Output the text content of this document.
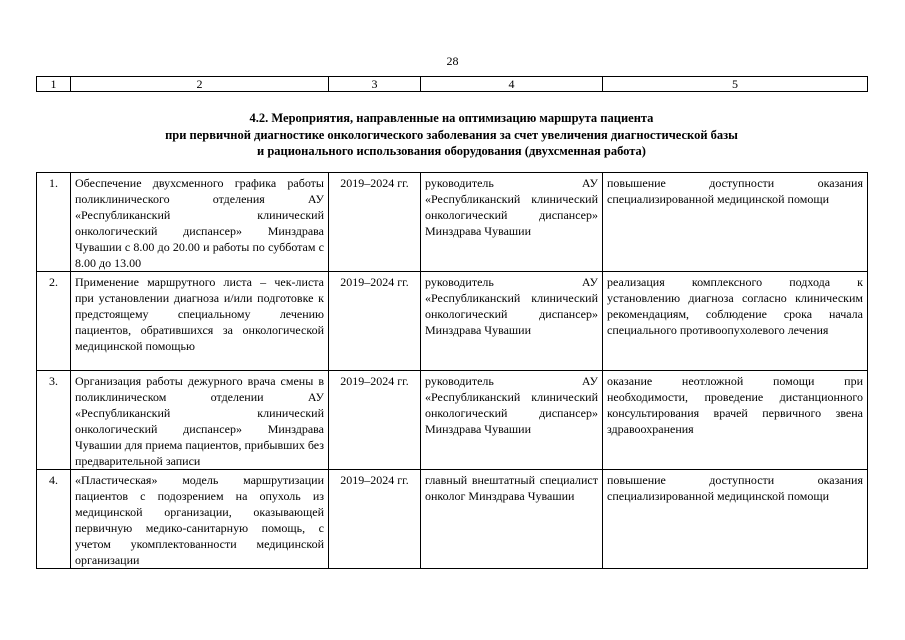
28
1	2	3	4	5
4.2. Мероприятия, направленные на оптимизацию маршрута пациента
при первичной диагностике онкологического заболевания за счет увеличения диагностической базы
и рационального использования оборудования (двухсменная работа)
1.	Обеспечение двухсменного графика работы поликлинического отделения АУ «Республиканский клинический онкологический диспансер» Минздрава Чувашии с 8.00 до 20.00 и работы по субботам с 8.00 до 13.00	2019–2024 гг.	руководитель АУ «Республиканский клинический онкологический диспансер» Минздрава Чувашии	повышение доступности оказания специализированной медицинской помощи
2.	Применение маршрутного листа – чек-листа при установлении диагноза и/или подготовке к предстоящему специальному лечению пациентов, обратившихся за онкологической медицинской помощью	2019–2024 гг.	руководитель АУ «Республиканский клинический онкологический диспансер» Минздрава Чувашии	реализация комплексного подхода к установлению диагноза согласно клиническим рекомендациям, соблюдение срока начала специального противоопухолевого лечения
3.	Организация работы дежурного врача смены в поликлиническом отделении АУ «Республиканский клинический онкологический диспансер» Минздрава Чувашии для приема пациентов, прибывших без предварительной записи	2019–2024 гг.	руководитель АУ «Республиканский клинический онкологический диспансер» Минздрава Чувашии	оказание неотложной помощи при необходимости, проведение дистанционного консультирования врачей первичного звена здравоохранения
4.	«Пластическая» модель маршрутизации пациентов с подозрением на опухоль из медицинской организации, оказывающей первичную медико-санитарную помощь, с учетом укомплектованности медицинской организации	2019–2024 гг.	главный внештатный специалист онколог Минздрава Чувашии	повышение доступности оказания специализированной медицинской помощи
